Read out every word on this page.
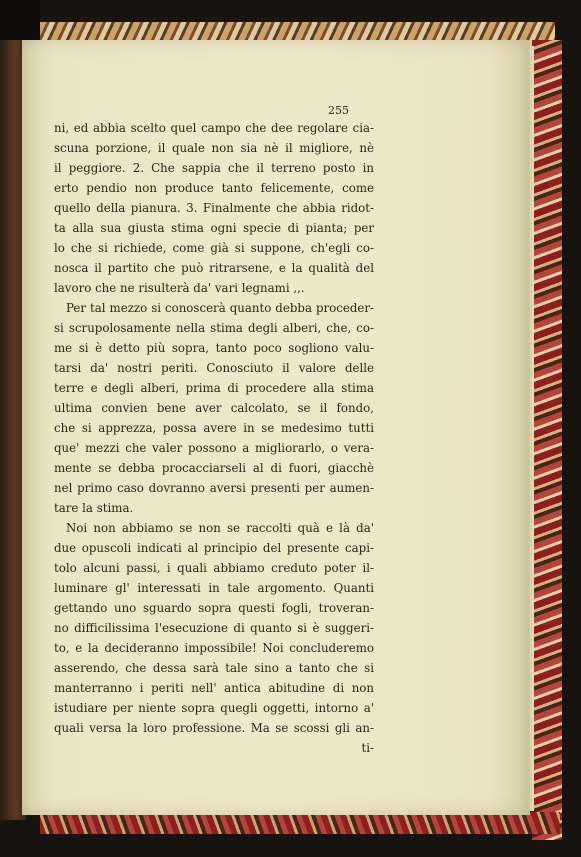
255
ni, ed abbia scelto quel campo che dee regolare cia-
scuna porzione, il quale non sia nè il migliore, nè
il peggiore. 2. Che sappia che il terreno posto in
erto pendio non produce tanto felicemente, come
quello della pianura. 3. Finalmente che abbia ridot-
ta alla sua giusta stima ogni specie di pianta; per
lo che si richiede, come già si suppone, ch'egli co-
nosca il partito che può ritrarsene, e la qualità del
lavoro che ne risulterà da' vari legnami ,,.
Per tal mezzo si conoscerà quanto debba proceder-
si scrupolosamente nella stima degli alberi, che, co-
me si è detto più sopra, tanto poco sogliono valu-
tarsi da' nostri periti. Conosciuto il valore delle
terre e degli alberi, prima di procedere alla stima
ultima convien bene aver calcolato, se il fondo,
che si apprezza, possa avere in se medesimo tutti
que' mezzi che valer possono a migliorarlo, o vera-
mente se debba procacciarseli al di fuori, giacchè
nel primo caso dovranno aversi presenti per aumen-
tare la stima.
Noi non abbiamo se non se raccolti quà e là da'
due opuscoli indicati al principio del presente capi-
tolo alcuni passi, i quali abbiamo creduto poter il-
luminare gl' interessati in tale argomento. Quanti
gettando uno sguardo sopra questi fogli, troveran-
no difficilissima l'esecuzione di quanto si è suggeri-
to, e la decideranno impossibile! Noi concluderemo
asserendo, che dessa sarà tale sino a tanto che si
manterranno i periti nell' antica abitudine di non
istudiare per niente sopra quegli oggetti, intorno a'
quali versa la loro professione. Ma se scossi gli an-
ti-
